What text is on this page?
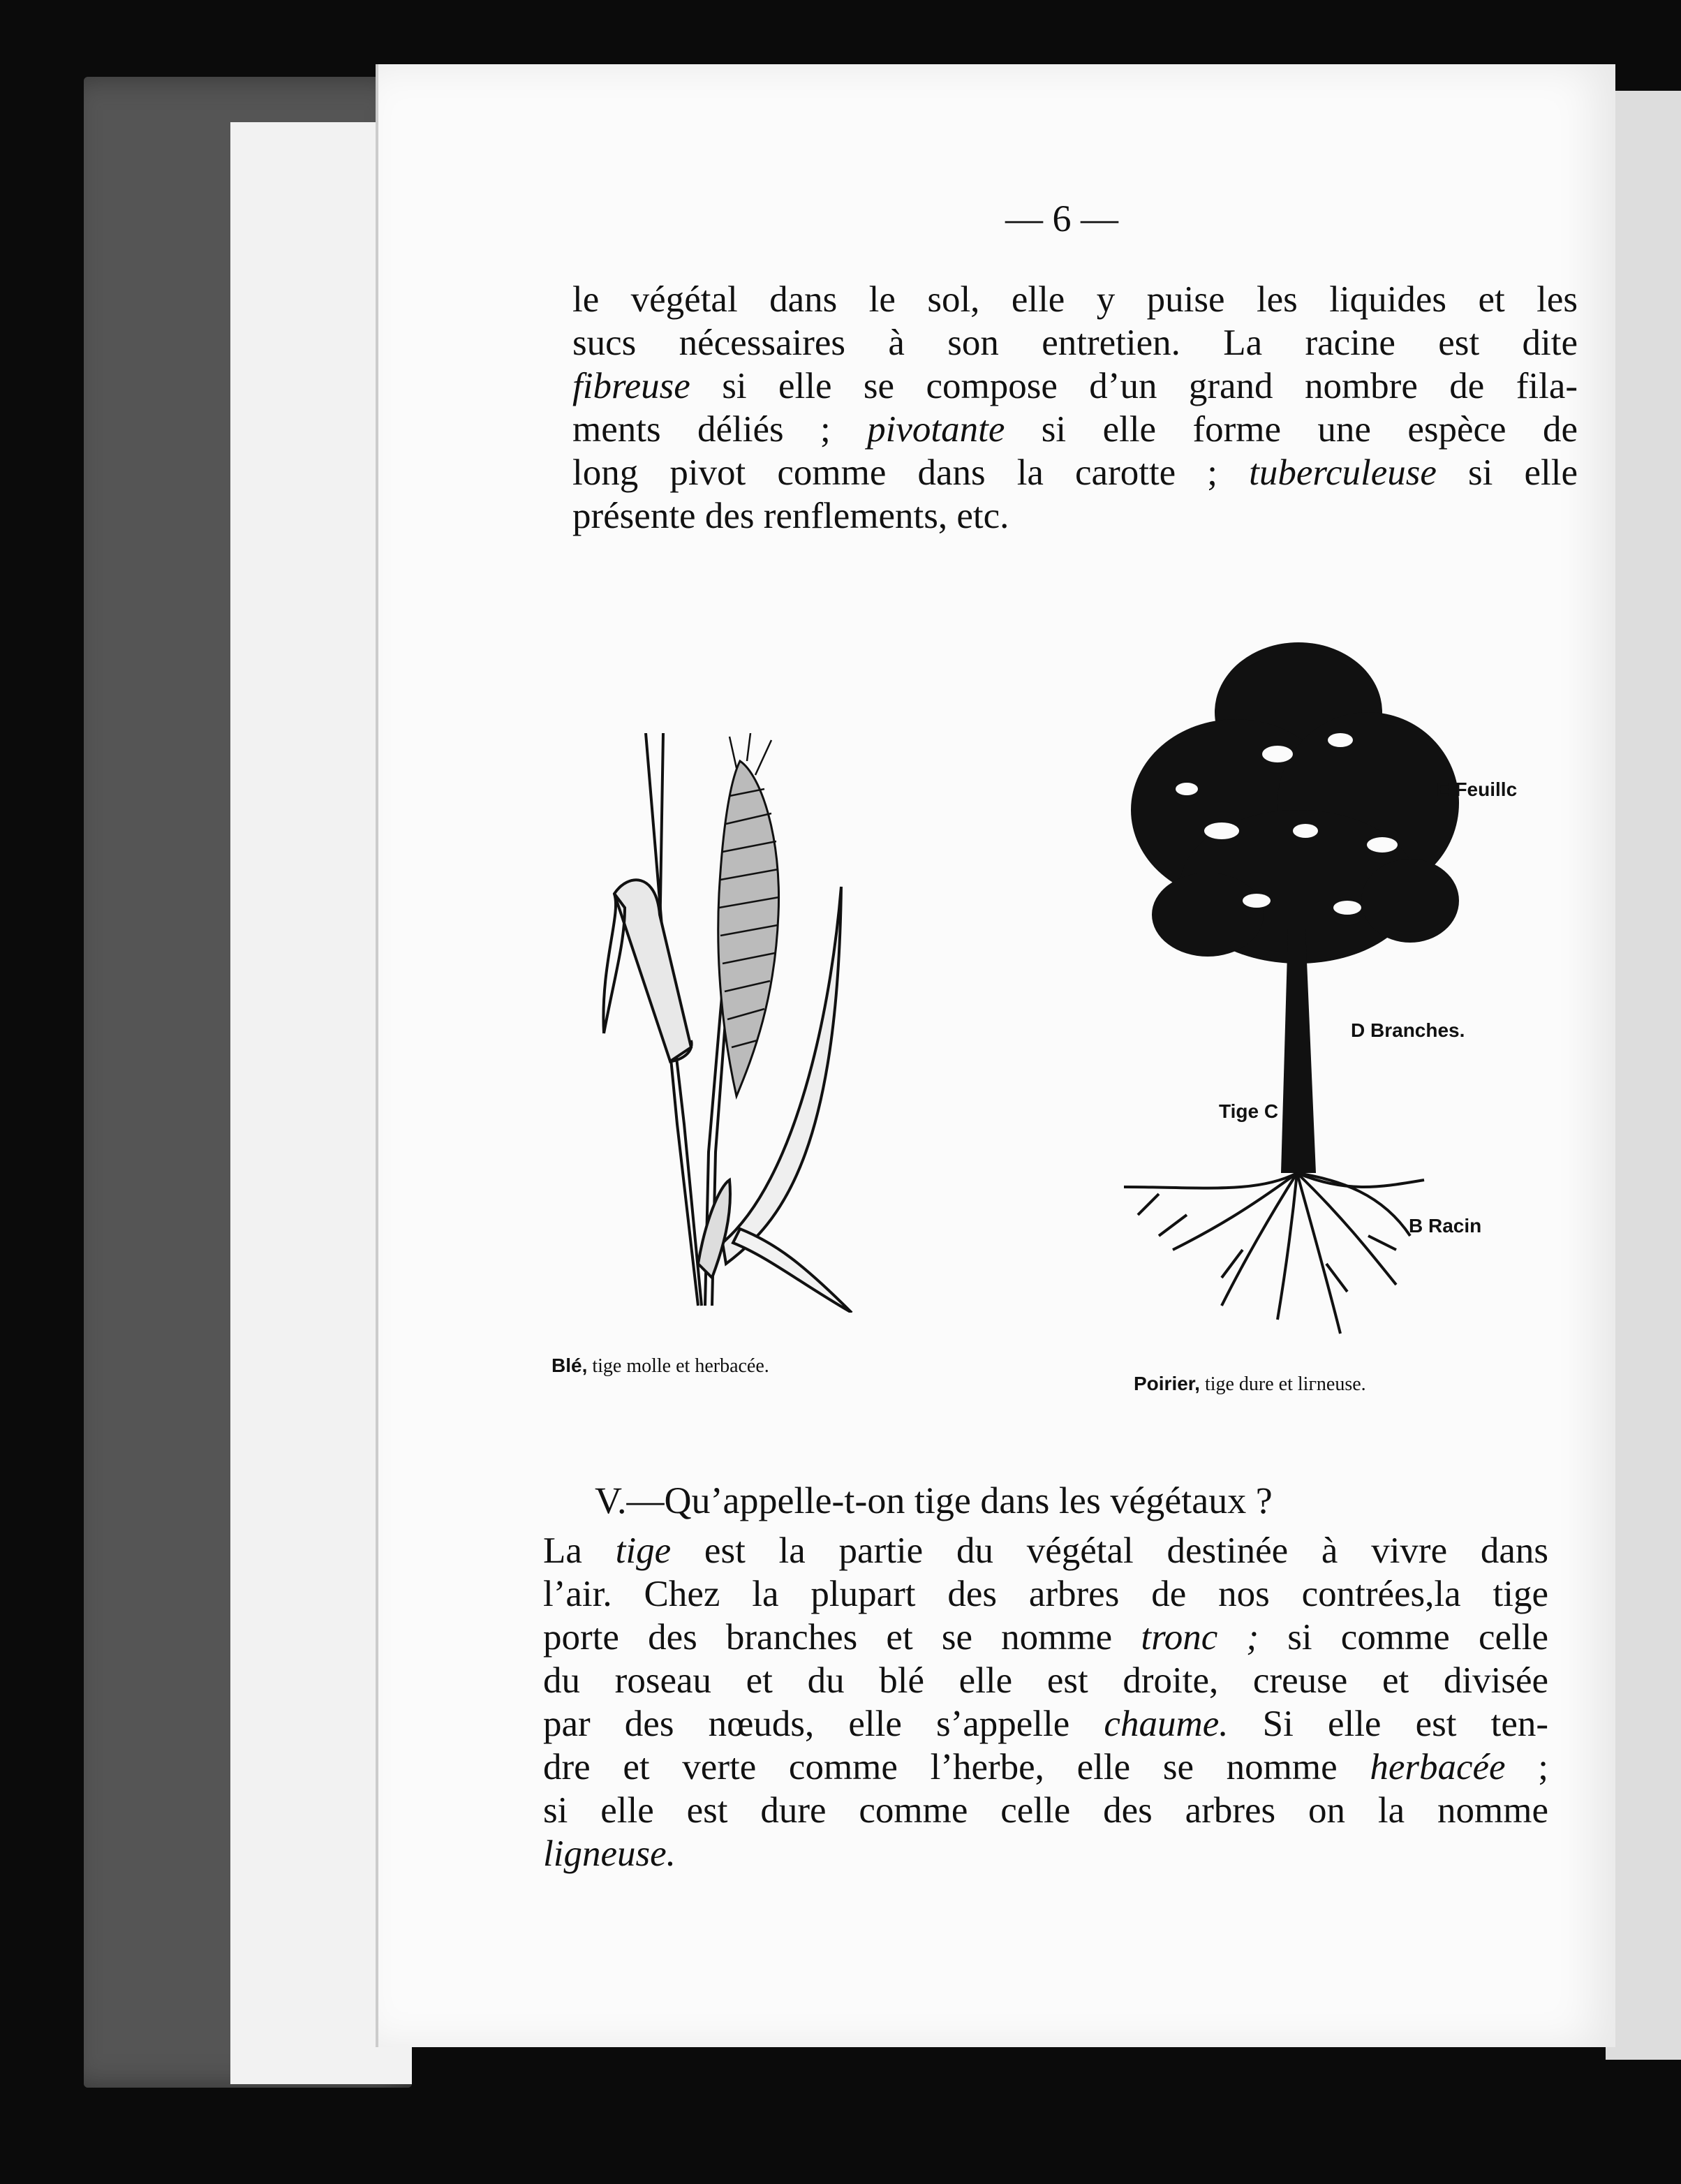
— 6 —
le végétal dans le sol, elle y puise les liquides et les
sucs nécessaires à son entretien. La racine est dite
fibreuse si elle se compose d’un grand nombre de fila-
ments déliés ; pivotante si elle forme une espèce de
long pivot comme dans la carotte ; tuberculeuse si elle
présente des renflements, etc.
Blé, tige molle et herbacée.
E Feuillс
D Branches.
Tige C
B Racin
Poirier, tige dure et liгneuse.
V.—Qu’appelle-t-on tige dans les végétaux ?
La tige est la partie du végétal destinée à vivre dans
l’air. Chez la plupart des arbres de nos contrées,la tige
porte des branches et se nomme tronc ; si comme celle
du roseau et du blé elle est droite, creuse et divisée
par des nœuds, elle s’appelle chaume. Si elle est ten-
dre et verte comme l’herbe, elle se nomme herbacée ;
si elle est dure comme celle des arbres on la nomme
ligneuse.
